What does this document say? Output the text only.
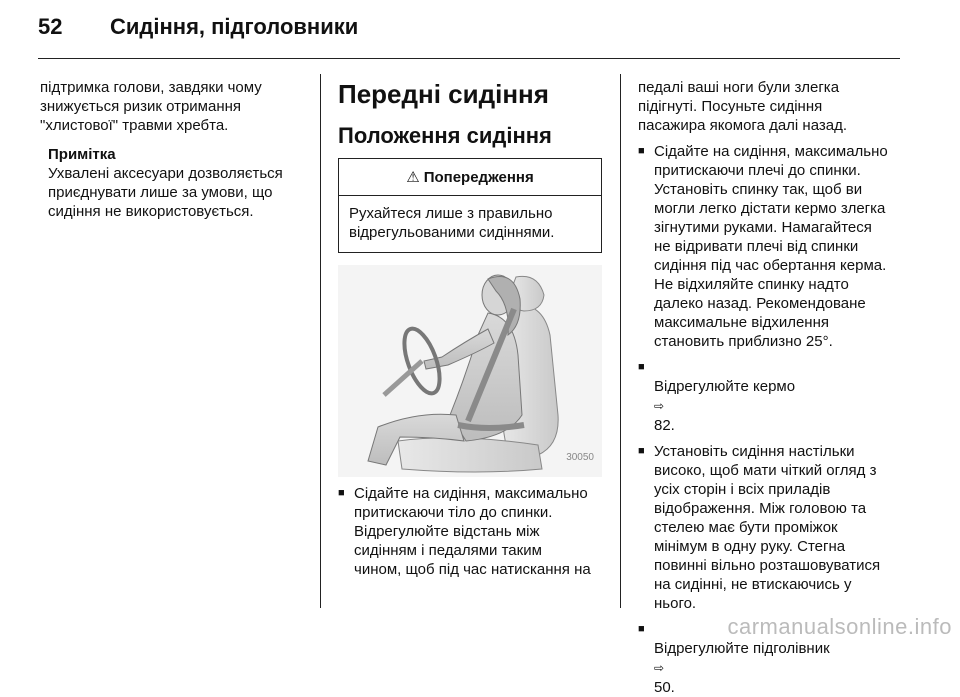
52 Сидіння, підголовники

підтримка голови, завдяки чому
знижується ризик отримання
"хлистової" травми хребта.

Примітка

Ухвалені аксесуари дозволяється
приєднувати лише за умови, що
сидіння не використовується.

Передні сидіння
Положення сидіння
⚠ Попередження
Рухайтеся лише з правильно
відрегульованими сидіннями.
30050
■ Сідайте на сидіння, максимально
притискаючи тіло до спинки.
Відрегулюйте відстань між
сидінням і педалями таким
чином, щоб під час натискання на

педалі ваші ноги були злегка
підігнуті. Посуньте сидіння
пасажира якомога далі назад.

■ Сідайте на сидіння, максимально
притискаючи плечі до спинки.
Установіть спинку так, щоб ви
могли легко дістати кермо злегка
зігнутими руками. Намагайтеся
не відривати плечі від спинки
сидіння під час обертання керма.
Не відхиляйте спинку надто
далеко назад. Рекомендоване
максимальне відхилення
становить приблизно 25°.
■

Відрегулюйте кермо
⇨
82.

■ Установіть сидіння настільки
високо, щоб мати чіткий огляд з
усіх сторін і всіх приладів
відображення. Між головою та
стелею має бути проміжок
мінімум в одну руку. Стегна
повинні вільно розташовуватися
на сидінні, не втискаючись у
нього.
■

Відрегулюйте підголівник
⇨
50.

carmanualsonline.info
